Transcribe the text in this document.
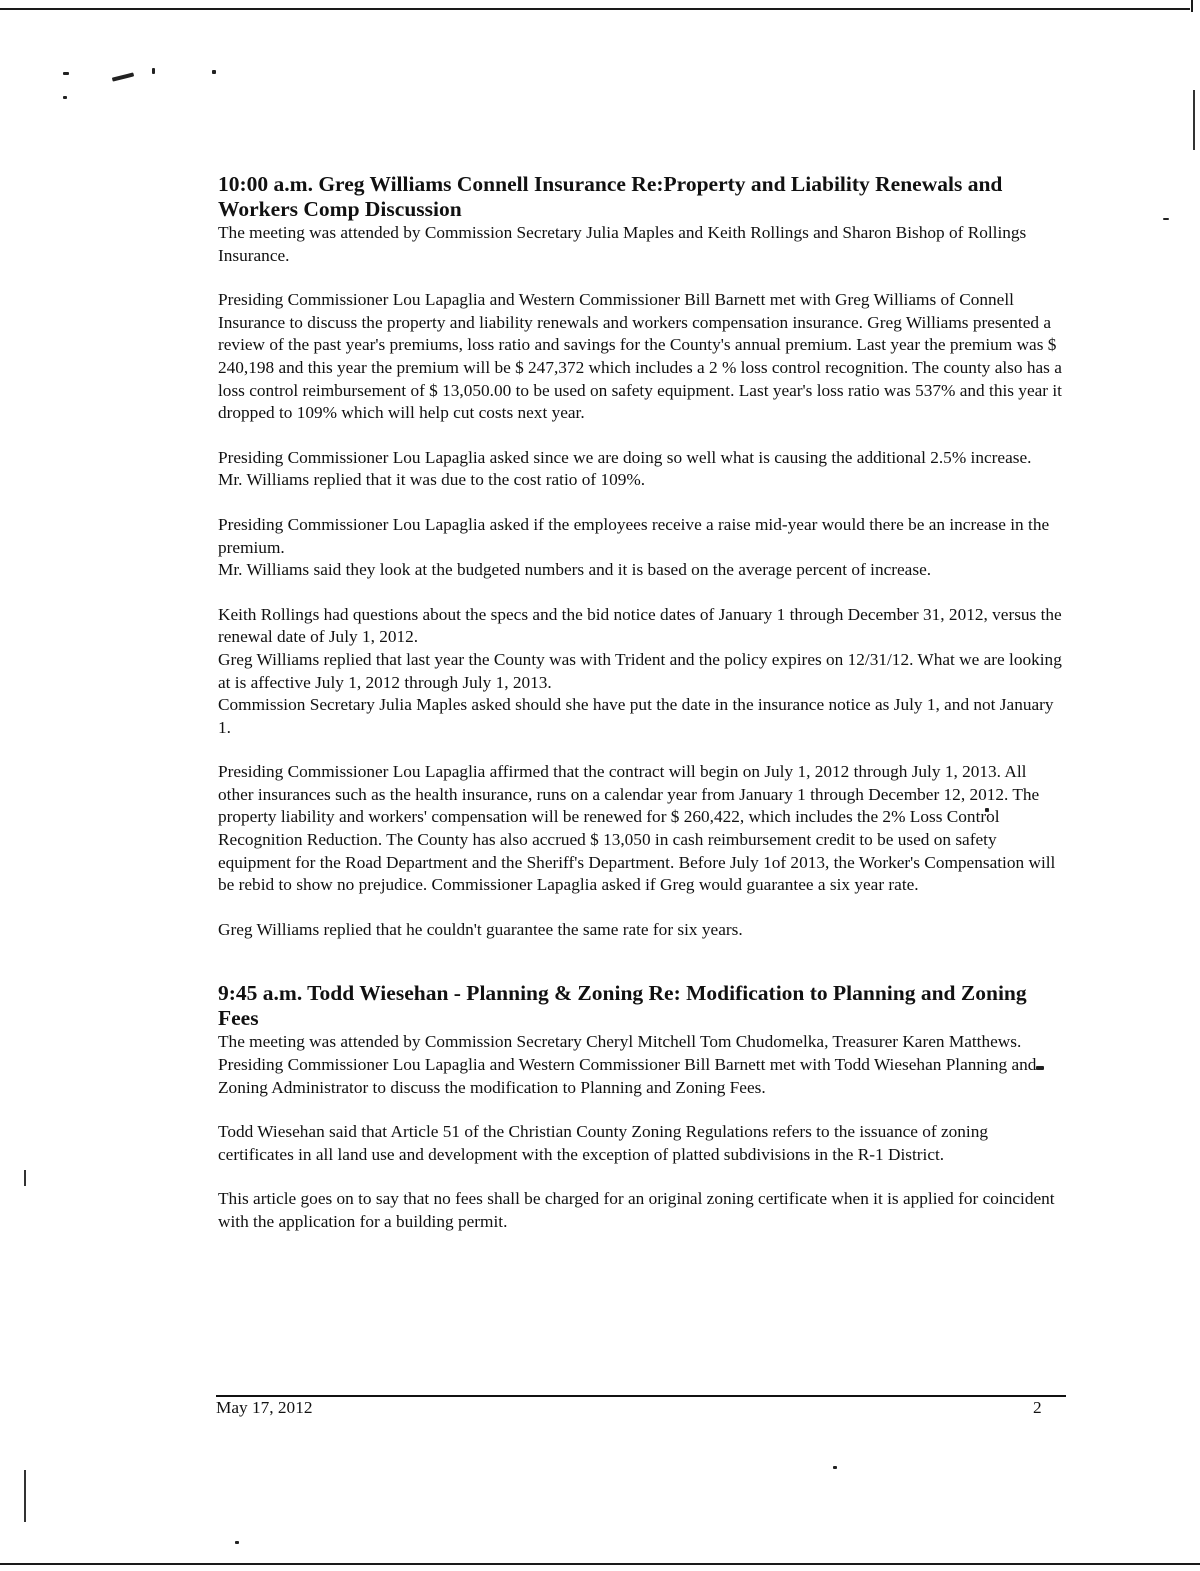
10:00 a.m. Greg Williams Connell Insurance Re:Property and Liability Renewals and Workers Comp Discussion

The meeting was attended by Commission Secretary Julia Maples and Keith Rollings and Sharon Bishop of Rollings Insurance.

Presiding Commissioner Lou Lapaglia and Western Commissioner Bill Barnett met with Greg Williams of Connell Insurance to discuss the property and liability renewals and workers compensation insurance. Greg Williams presented a review of the past year's premiums, loss ratio and savings for the County's annual premium. Last year the premium was $ 240,198 and this year the premium will be $ 247,372 which includes a 2 % loss control recognition. The county also has a loss control reimbursement of $ 13,050.00 to be used on safety equipment. Last year's loss ratio was 537% and this year it dropped to 109% which will help cut costs next year.

Presiding Commissioner Lou Lapaglia asked since we are doing so well what is causing the additional 2.5% increase.

Mr. Williams replied that it was due to the cost ratio of 109%.

Presiding Commissioner Lou Lapaglia asked if the employees receive a raise mid-year would there be an increase in the premium.

Mr. Williams said they look at the budgeted numbers and it is based on the average percent of increase.

Keith Rollings had questions about the specs and the bid notice dates of January 1 through December 31, 2012, versus the renewal date of July 1, 2012.

Greg Williams replied that last year the County was with Trident and the policy expires on 12/31/12. What we are looking at is affective July 1, 2012 through July 1, 2013.

Commission Secretary Julia Maples asked should she have put the date in the insurance notice as July 1, and not January 1.

Presiding Commissioner Lou Lapaglia affirmed that the contract will begin on July 1, 2012 through July 1, 2013. All other insurances such as the health insurance, runs on a calendar year from January 1 through December 12, 2012. The property liability and workers' compensation will be renewed for $ 260,422, which includes the 2% Loss Control Recognition Reduction. The County has also accrued $ 13,050 in cash reimbursement credit to be used on safety equipment for the Road Department and the Sheriff's Department. Before July 1of 2013, the Worker's Compensation will be rebid to show no prejudice. Commissioner Lapaglia asked if Greg would guarantee a six year rate.

Greg Williams replied that he couldn't guarantee the same rate for six years.

9:45 a.m. Todd Wiesehan - Planning & Zoning Re: Modification to Planning and Zoning Fees

The meeting was attended by Commission Secretary Cheryl Mitchell Tom Chudomelka, Treasurer Karen Matthews.

Presiding Commissioner Lou Lapaglia and Western Commissioner Bill Barnett met with Todd Wiesehan Planning and Zoning Administrator to discuss the modification to Planning and Zoning Fees.

Todd Wiesehan said that Article 51 of the Christian County Zoning Regulations refers to the issuance of zoning certificates in all land use and development with the exception of platted subdivisions in the R-1 District.

This article goes on to say that no fees shall be charged for an original zoning certificate when it is applied for coincident with the application for a building permit.

May 17, 2012	2
